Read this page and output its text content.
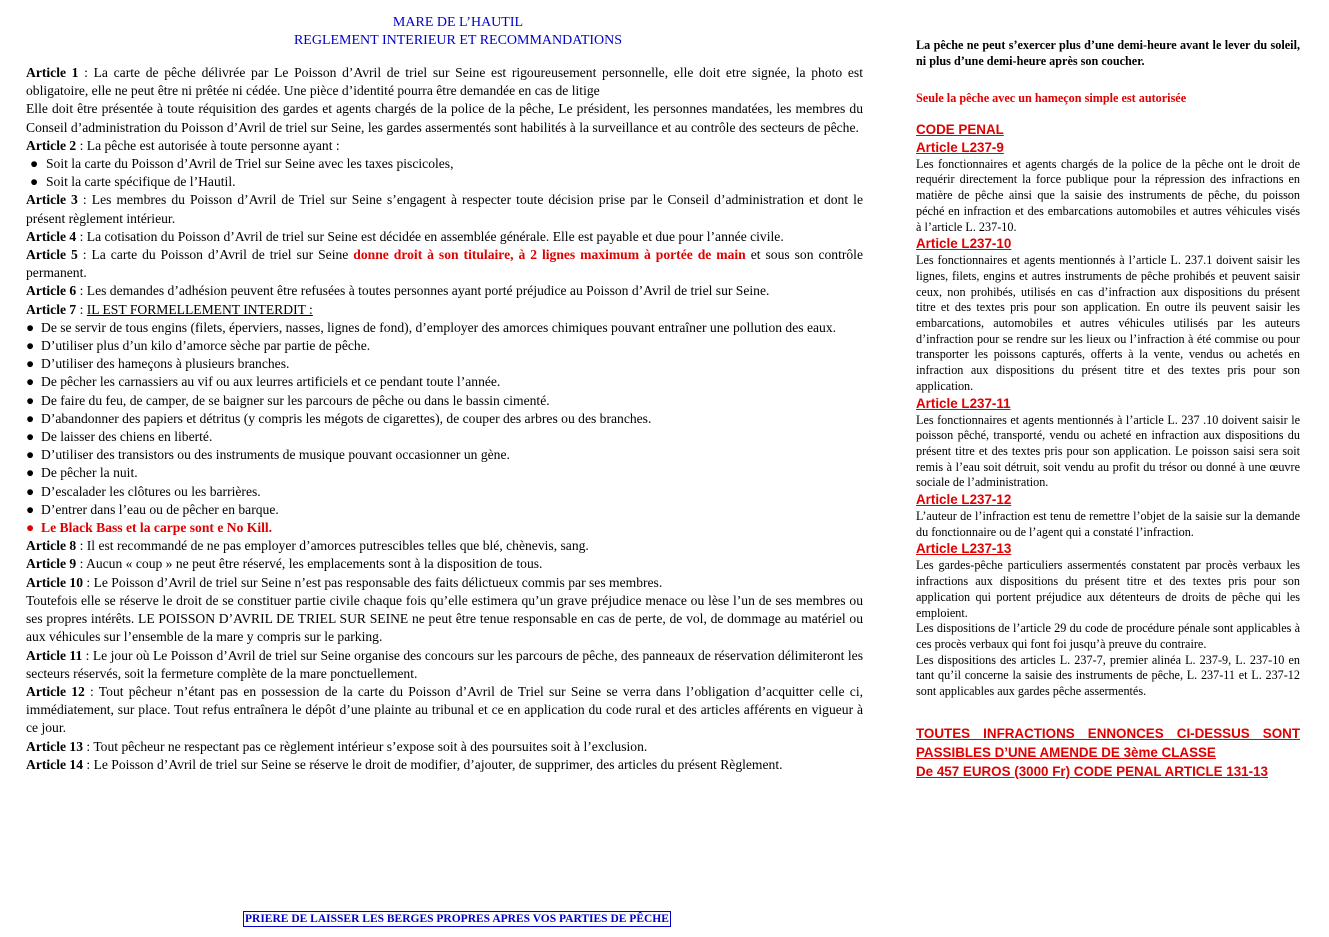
MARE DE L’HAUTIL
REGLEMENT INTERIEUR ET RECOMMANDATIONS

Article 1 : La carte de pêche délivrée par Le Poisson d’Avril de triel sur Seine est rigoureusement personnelle, elle doit etre signée, la photo est obligatoire, elle ne peut être ni prêtée ni cédée. Une pièce d’identité pourra être demandée en cas de litige

Elle doit être présentée à toute réquisition des gardes et agents chargés de la police de la pêche, Le président, les personnes mandatées, les membres du Conseil d’administration du Poisson d’Avril de triel sur Seine, les gardes assermentés sont habilités à la surveillance et au contrôle des secteurs de pêche.

Article 2 : La pêche est autorisée à toute personne ayant :

● Soit la carte du Poisson d’Avril de Triel sur Seine avec les taxes piscicoles,

● Soit la carte spécifique de l’Hautil.

Article 3 : Les membres du Poisson d’Avril de Triel sur Seine s’engagent à respecter toute décision prise par le Conseil d’administration et dont le présent règlement intérieur.

Article 4 : La cotisation du Poisson d’Avril de triel sur Seine est décidée en assemblée générale. Elle est payable et due pour l’année civile.

Article 5 : La carte du Poisson d’Avril de triel sur Seine donne droit à son titulaire, à 2 lignes maximum à portée de main et sous son contrôle permanent.

Article 6 : Les demandes d’adhésion peuvent être refusées à toutes personnes ayant porté préjudice au Poisson d’Avril de triel sur Seine.

Article 7 : IL EST FORMELLEMENT INTERDIT :

● De se servir de tous engins (filets, éperviers, nasses, lignes de fond), d’employer des amorces chimiques pouvant entraîner une pollution des eaux.

● D’utiliser plus d’un kilo d’amorce sèche par partie de pêche.

● D’utiliser des hameçons à plusieurs branches.

● De pêcher les carnassiers au vif ou aux leurres artificiels et ce pendant toute l’année.

● De faire du feu, de camper, de se baigner sur les parcours de pêche ou dans le bassin cimenté.

● D’abandonner des papiers et détritus (y compris les mégots de cigarettes), de couper des arbres ou des branches.

● De laisser des chiens en liberté.

● D’utiliser des transistors ou des instruments de musique pouvant occasionner un gène.

● De pêcher la nuit.

● D’escalader les clôtures ou les barrières.

● D’entrer dans l’eau ou de pêcher en barque.

● Le Black Bass et la carpe sont e No Kill.

Article 8 : Il est recommandé de ne pas employer d’amorces putrescibles telles que blé, chènevis, sang.

Article 9 : Aucun « coup » ne peut être réservé, les emplacements sont à la disposition de tous.

Article 10 : Le Poisson d’Avril de triel sur Seine n’est pas responsable des faits délictueux commis par ses membres.

Toutefois elle se réserve le droit de se constituer partie civile chaque fois qu’elle estimera qu’un grave préjudice menace ou lèse l’un de ses membres ou ses propres intérêts. LE POISSON D’AVRIL DE TRIEL SUR SEINE ne peut être tenue responsable en cas de perte, de vol, de dommage au matériel ou aux véhicules sur l’ensemble de la mare y compris sur le parking.

Article 11 : Le jour où Le Poisson d’Avril de triel sur Seine organise des concours sur les parcours de pêche, des panneaux de réservation délimiteront les secteurs réservés, soit la fermeture complète de la mare ponctuellement.

Article 12 : Tout pêcheur n’étant pas en possession de la carte du Poisson d’Avril de Triel sur Seine se verra dans l’obligation d’acquitter celle ci, immédiatement, sur place. Tout refus entraînera le dépôt d’une plainte au tribunal et ce en application du code rural et des articles afférents en vigueur à ce jour.

Article 13 : Tout pêcheur ne respectant pas ce règlement intérieur s’expose soit à des poursuites soit à l’exclusion.

Article 14 : Le Poisson d’Avril de triel sur Seine se réserve le droit de modifier, d’ajouter, de supprimer, des articles du présent Règlement.

PRIERE DE LAISSER LES BERGES PROPRES APRES VOS PARTIES DE PÊCHE

La pêche ne peut s’exercer plus d’une demi-heure avant le lever du soleil, ni plus d’une demi-heure après son coucher.

Seule la pêche avec un hameçon simple est autorisée

CODE PENAL

Article L237-9

Les fonctionnaires et agents chargés de la police de la pêche ont le droit de requérir directement la force publique pour la répression des infractions en matière de pêche ainsi que la saisie des instruments de pêche, du poisson péché en infraction et des embarcations automobiles et autres véhicules visés à l’article L. 237-10.

Article L237-10

Les fonctionnaires et agents mentionnés à l’article L. 237.1 doivent saisir les lignes, filets, engins et autres instruments de pêche prohibés et peuvent saisir ceux, non prohibés, utilisés en cas d’infraction aux dispositions du présent titre et des textes pris pour son application. En outre ils peuvent saisir les embarcations, automobiles et autres véhicules utilisés par les auteurs d’infraction pour se rendre sur les lieux ou l’infraction à été commise ou pour transporter les poissons capturés, offerts à la vente, vendus ou achetés en infraction aux dispositions du présent titre et des textes pris pour son application.

Article L237-11

Les fonctionnaires et agents mentionnés à l’article L. 237 .10 doivent saisir le poisson pêché, transporté, vendu ou acheté en infraction aux dispositions du présent titre et des textes pris pour son application. Le poisson saisi sera soit remis à l’eau soit détruit, soit vendu au profit du trésor ou donné à une œuvre sociale de l’administration.

Article L237-12

L’auteur de l’infraction est tenu de remettre l’objet de la saisie sur la demande du fonctionnaire ou de l’agent qui a constaté l’infraction.

Article L237-13

Les gardes-pêche particuliers assermentés constatent par procès verbaux les infractions aux dispositions du présent titre et des textes pris pour son application qui portent préjudice aux détenteurs de droits de pêche qui les emploient.

Les dispositions de l’article 29 du code de procédure pénale sont applicables à ces procès verbaux qui font foi jusqu’à preuve du contraire.

Les dispositions des articles L. 237-7, premier alinéa L. 237-9, L. 237-10 en tant qu’il concerne la saisie des instruments de pêche, L. 237-11 et L. 237-12 sont applicables aux gardes pêche assermentés.

TOUTES INFRACTIONS ENNONCES CI-DESSUS SONT PASSIBLES D’UNE AMENDE DE 3ème CLASSE
De 457 EUROS (3000 Fr) CODE PENAL ARTICLE 131-13
